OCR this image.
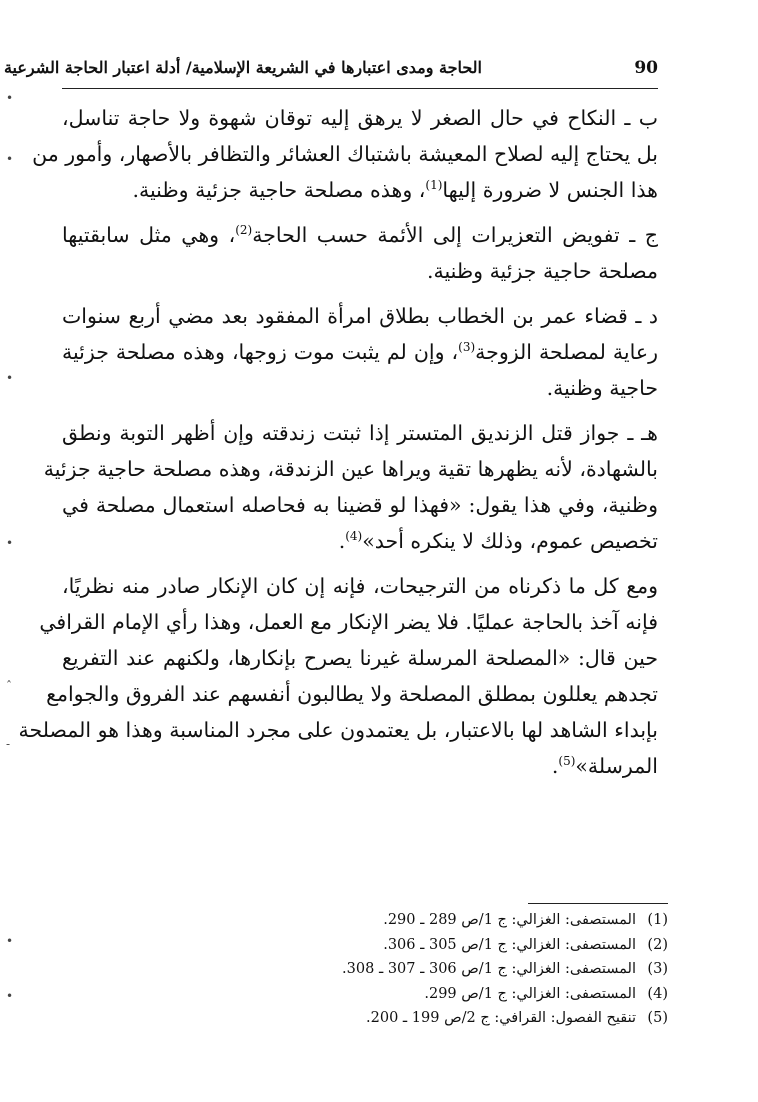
90
الحاجة ومدى اعتبارها في الشريعة الإسلامية/ أدلة اعتبار الحاجة الشرعية
ب ـ النكاح في حال الصغر لا يرهق إليه توقان شهوة ولا حاجة تناسل،
بل يحتاج إليه لصلاح المعيشة باشتباك العشائر والتظافر بالأصهار، وأمور من
هذا الجنس لا ضرورة إليها$^{(1)}$، وهذه مصلحة حاجية جزئية وظنية.
ج ـ تفويض التعزيرات إلى الأئمة حسب الحاجة$^{(2)}$، وهي مثل سابقتيها
مصلحة حاجية جزئية وظنية.
د ـ قضاء عمر بن الخطاب بطلاق امرأة المفقود بعد مضي أربع سنوات
رعاية لمصلحة الزوجة$^{(3)}$، وإن لم يثبت موت زوجها، وهذه مصلحة جزئية
حاجية وظنية.
هـ ـ جواز قتل الزنديق المتستر إذا ثبتت زندقته وإن أظهر التوبة ونطق
بالشهادة، لأنه يظهرها تقية ويراها عين الزندقة، وهذه مصلحة حاجية جزئية
وظنية، وفي هذا يقول: «فهذا لو قضينا به فحاصله استعمال مصلحة في
تخصيص عموم، وذلك لا ينكره أحد»$^{(4)}$.
ومع كل ما ذكرناه من الترجيحات، فإنه إن كان الإنكار صادر منه نظريًا،
فإنه آخذ بالحاجة عمليًا. فلا يضر الإنكار مع العمل، وهذا رأي الإمام القرافي
حين قال: «المصلحة المرسلة غيرنا يصرح بإنكارها، ولكنهم عند التفريع
تجدهم يعللون بمطلق المصلحة ولا يطالبون أنفسهم عند الفروق والجوامع
بإبداء الشاهد لها بالاعتبار، بل يعتمدون على مجرد المناسبة وهذا هو المصلحة
المرسلة»$^{(5)}$.
(1)
المستصفى: الغزالي: ج 1/ص 289 ـ 290.
(2)
المستصفى: الغزالي: ج 1/ص 305 ـ 306.
(3)
المستصفى: الغزالي: ج 1/ص 306 ـ 307 ـ 308.
(4)
المستصفى: الغزالي: ج 1/ص 299.
(5)
تنقيح الفصول: القرافي: ج 2/ص 199 ـ 200.
•
•
•
•
ˆ
-
•
•
